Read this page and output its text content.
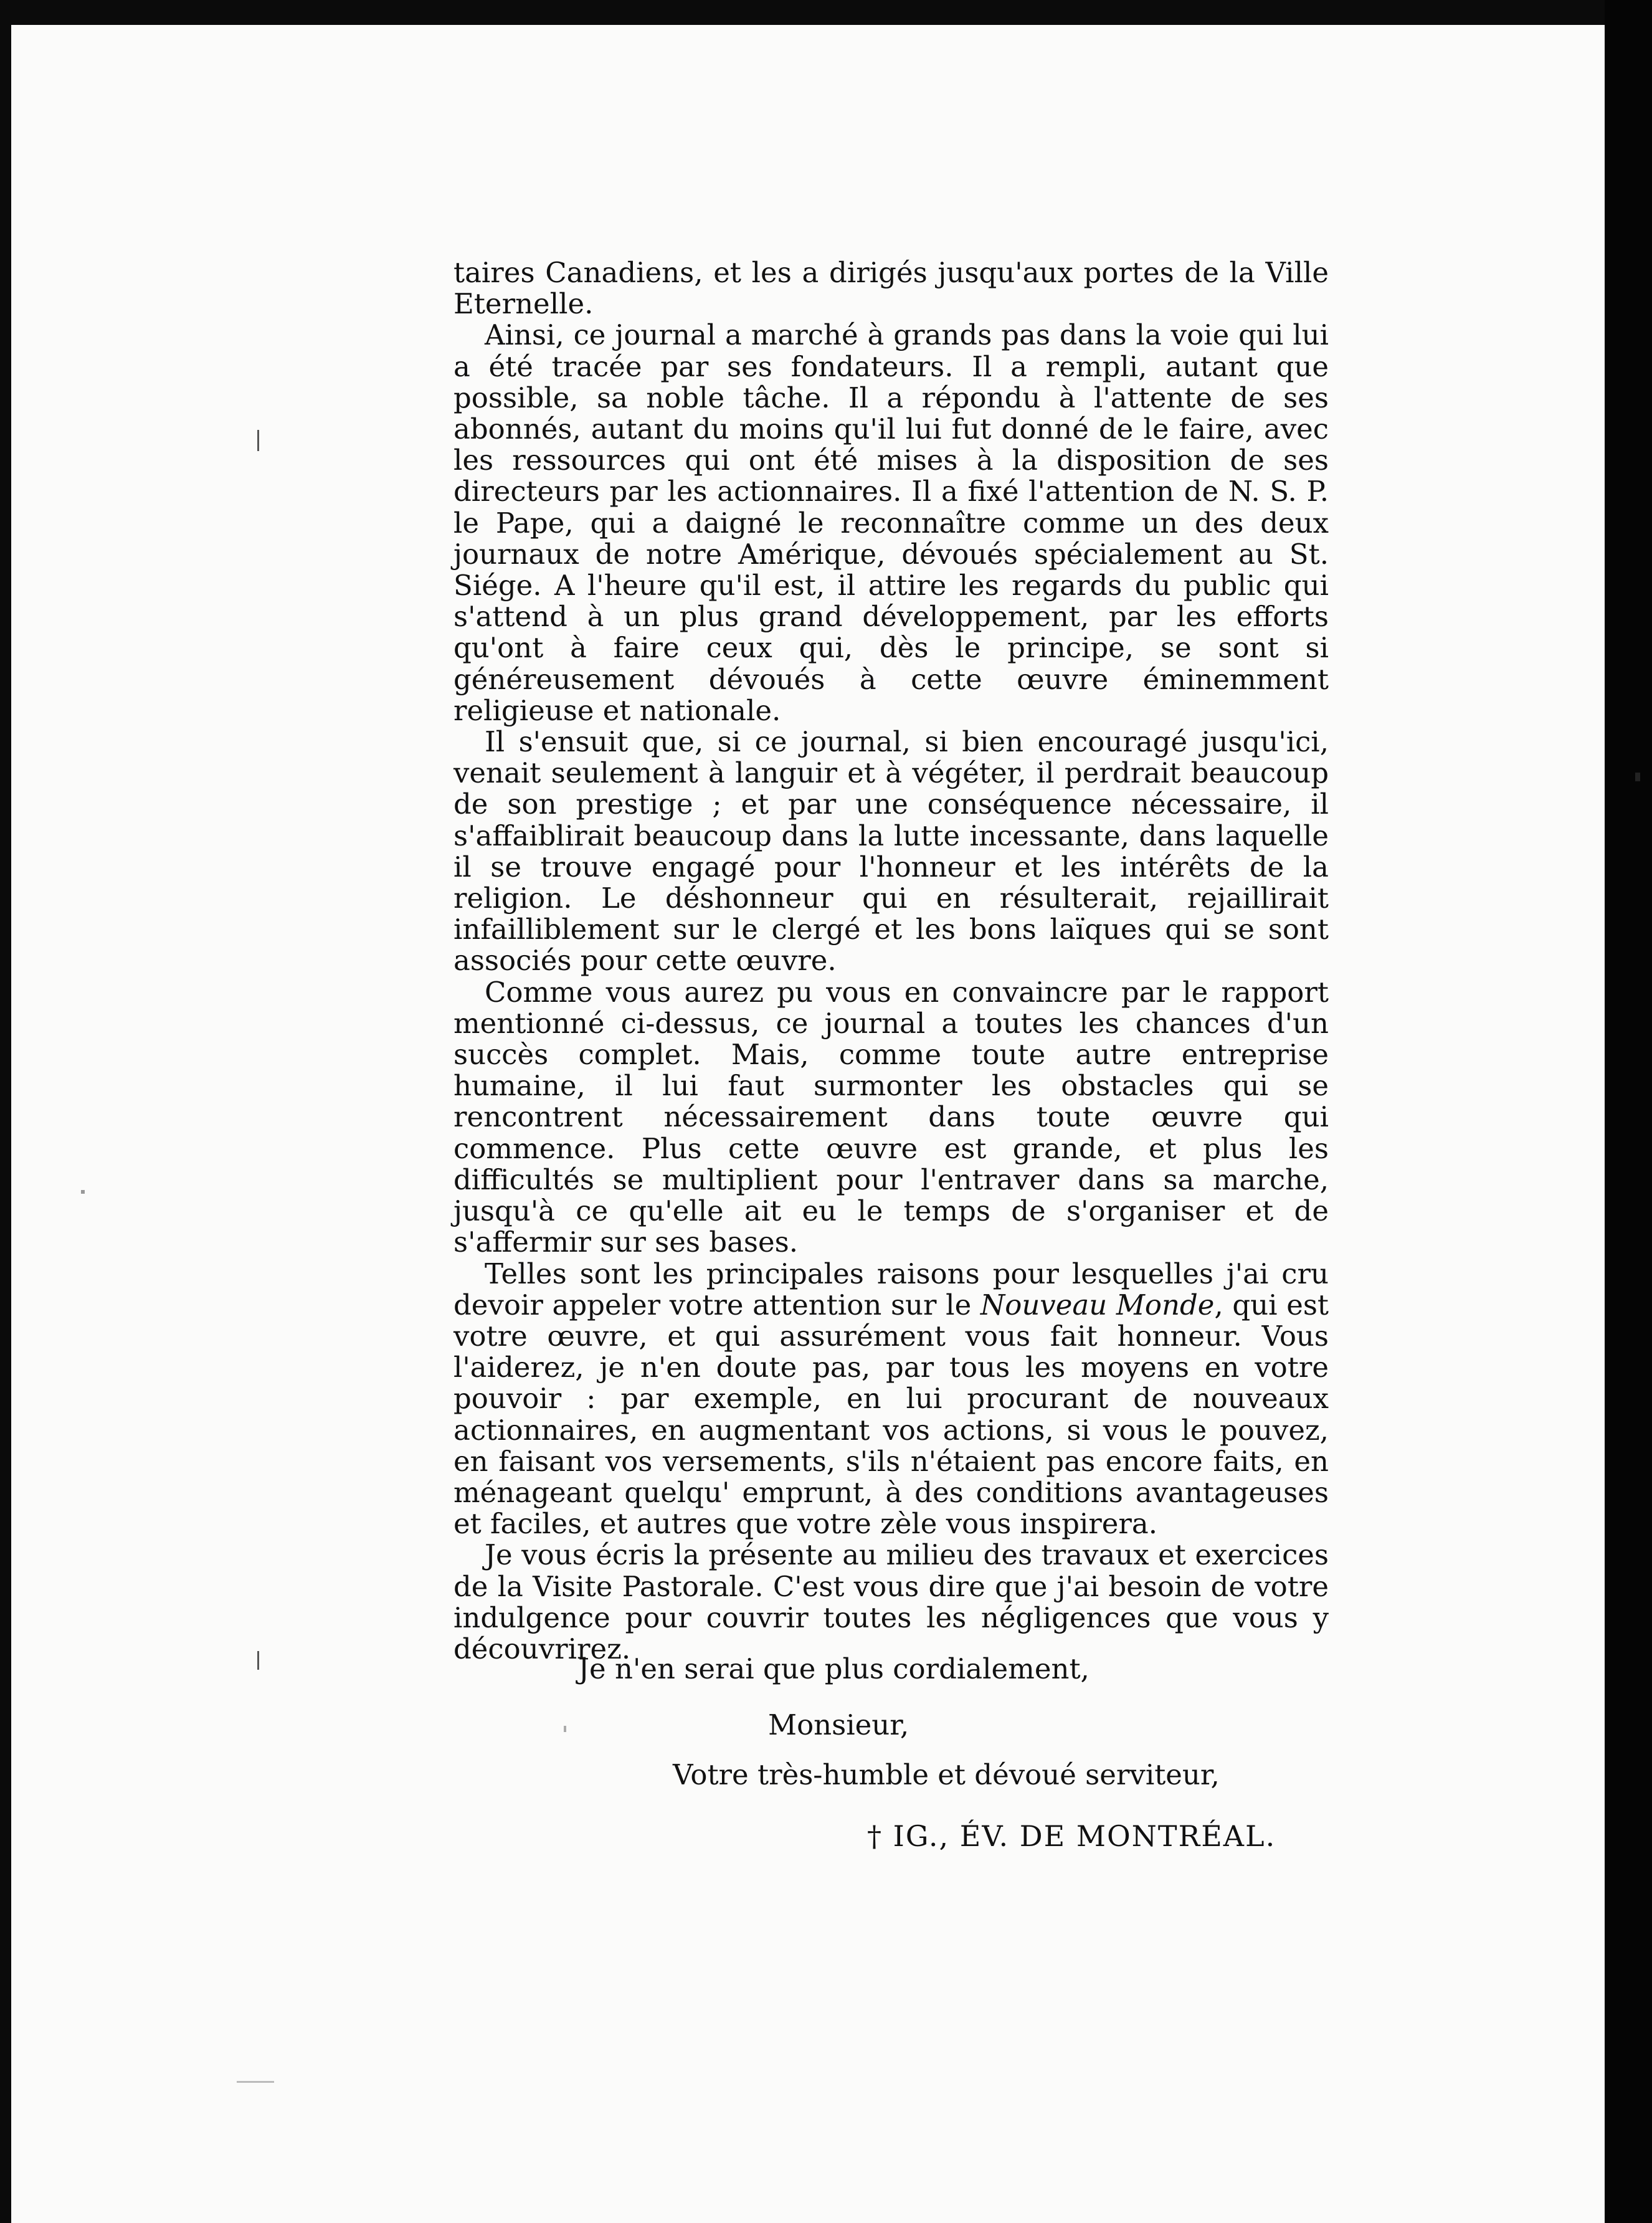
taires Canadiens, et les a dirigés jusqu'aux portes de la Ville Eternelle.

Ainsi, ce journal a marché à grands pas dans la voie qui lui a été tracée par ses fondateurs. Il a rempli, autant que possible, sa noble tâche. Il a répondu à l'attente de ses abonnés, autant du moins qu'il lui fut donné de le faire, avec les ressources qui ont été mises à la disposition de ses directeurs par les actionnaires. Il a fixé l'attention de N. S. P. le Pape, qui a daigné le reconnaître comme un des deux journaux de notre Amérique, dévoués spécialement au St. Siége. A l'heure qu'il est, il attire les regards du public qui s'attend à un plus grand développement, par les efforts qu'ont à faire ceux qui, dès le principe, se sont si généreusement dévoués à cette œuvre éminemment religieuse et nationale.

Il s'ensuit que, si ce journal, si bien encouragé jusqu'ici, venait seulement à languir et à végéter, il perdrait beaucoup de son prestige ; et par une conséquence nécessaire, il s'affaiblirait beaucoup dans la lutte incessante, dans laquelle il se trouve engagé pour l'honneur et les intérêts de la religion. Le déshonneur qui en résulterait, rejaillirait infailliblement sur le clergé et les bons laïques qui se sont associés pour cette œuvre.

Comme vous aurez pu vous en convaincre par le rapport mentionné ci-dessus, ce journal a toutes les chances d'un succès complet. Mais, comme toute autre entreprise humaine, il lui faut surmonter les obstacles qui se rencontrent nécessairement dans toute œuvre qui commence. Plus cette œuvre est grande, et plus les difficultés se multiplient pour l'entraver dans sa marche, jusqu'à ce qu'elle ait eu le temps de s'organiser et de s'affermir sur ses bases.

Telles sont les principales raisons pour lesquelles j'ai cru devoir appeler votre attention sur le Nouveau Monde, qui est votre œuvre, et qui assurément vous fait honneur. Vous l'aiderez, je n'en doute pas, par tous les moyens en votre pouvoir : par exemple, en lui procurant de nouveaux actionnaires, en augmentant vos actions, si vous le pouvez, en faisant vos versements, s'ils n'étaient pas encore faits, en ménageant quelqu' emprunt, à des conditions avantageuses et faciles, et autres que votre zèle vous inspirera.

Je vous écris la présente au milieu des travaux et exercices de la Visite Pastorale. C'est vous dire que j'ai besoin de votre indulgence pour couvrir toutes les négligences que vous y découvrirez.

Je n'en serai que plus cordialement,
Monsieur,
Votre très-humble et dévoué serviteur,
† IG., ÉV. DE MONTRÉAL.
